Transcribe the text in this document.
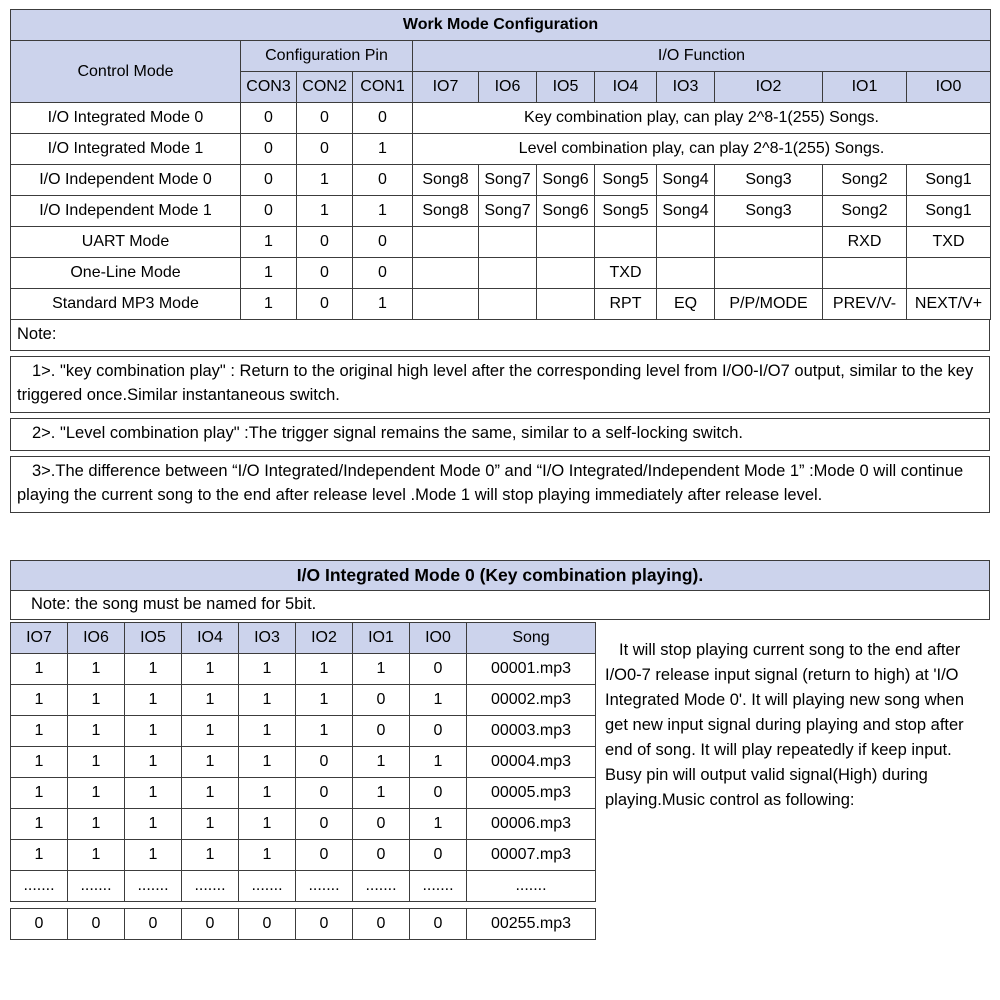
Work Mode Configuration											
Control Mode	Configuration Pin			I/O Function							
	CON3	CON2	CON1	IO7	IO6	IO5	IO4	IO3	IO2	IO1	IO0
I/O Integrated Mode 0	0	0	0	Key combination play, can play 2^8-1(255) Songs.							
I/O Integrated Mode 1	0	0	1	Level combination play, can play 2^8-1(255) Songs.							
I/O Independent Mode 0	0	1	0	Song8	Song7	Song6	Song5	Song4	Song3	Song2	Song1
I/O Independent Mode 1	0	1	1	Song8	Song7	Song6	Song5	Song4	Song3	Song2	Song1
UART Mode	1	0	0							RXD	TXD
One-Line Mode	1	0	0				TXD				
Standard MP3 Mode	1	0	1				RPT	EQ	P/P/MODE	PREV/V-	NEXT/V+
Note:
1>. "key combination play" : Return to the original high level after the corresponding level from I/O0-I/O7 output, similar to the key triggered once.Similar instantaneous switch.
2>. "Level combination play" :The trigger signal remains the same, similar to a self-locking switch.
3>.The difference between “I/O Integrated/Independent Mode 0” and “I/O Integrated/Independent Mode 1” :Mode 0 will continue playing the current song to the end after release level .Mode 1 will stop playing immediately after release level.
I/O Integrated Mode 0 (Key combination playing).
Note: the song must be named for 5bit.
IO7	IO6	IO5	IO4	IO3	IO2	IO1	IO0	Song
1	1	1	1	1	1	1	0	00001.mp3
1	1	1	1	1	1	0	1	00002.mp3
1	1	1	1	1	1	0	0	00003.mp3
1	1	1	1	1	0	1	1	00004.mp3
1	1	1	1	1	0	1	0	00005.mp3
1	1	1	1	1	0	0	1	00006.mp3
1	1	1	1	1	0	0	0	00007.mp3
.......	.......	.......	.......	.......	.......	.......	.......	.......
0	0	0	0	0	0	0	0	00255.mp3
It will stop playing current song to the end after I/O0-7 release input signal (return to high) at 'I/O Integrated Mode 0'. It will playing new song when get new input signal during playing and stop after end of song. It will play repeatedly if keep input. Busy pin will output valid signal(High) during playing.Music control as following:
